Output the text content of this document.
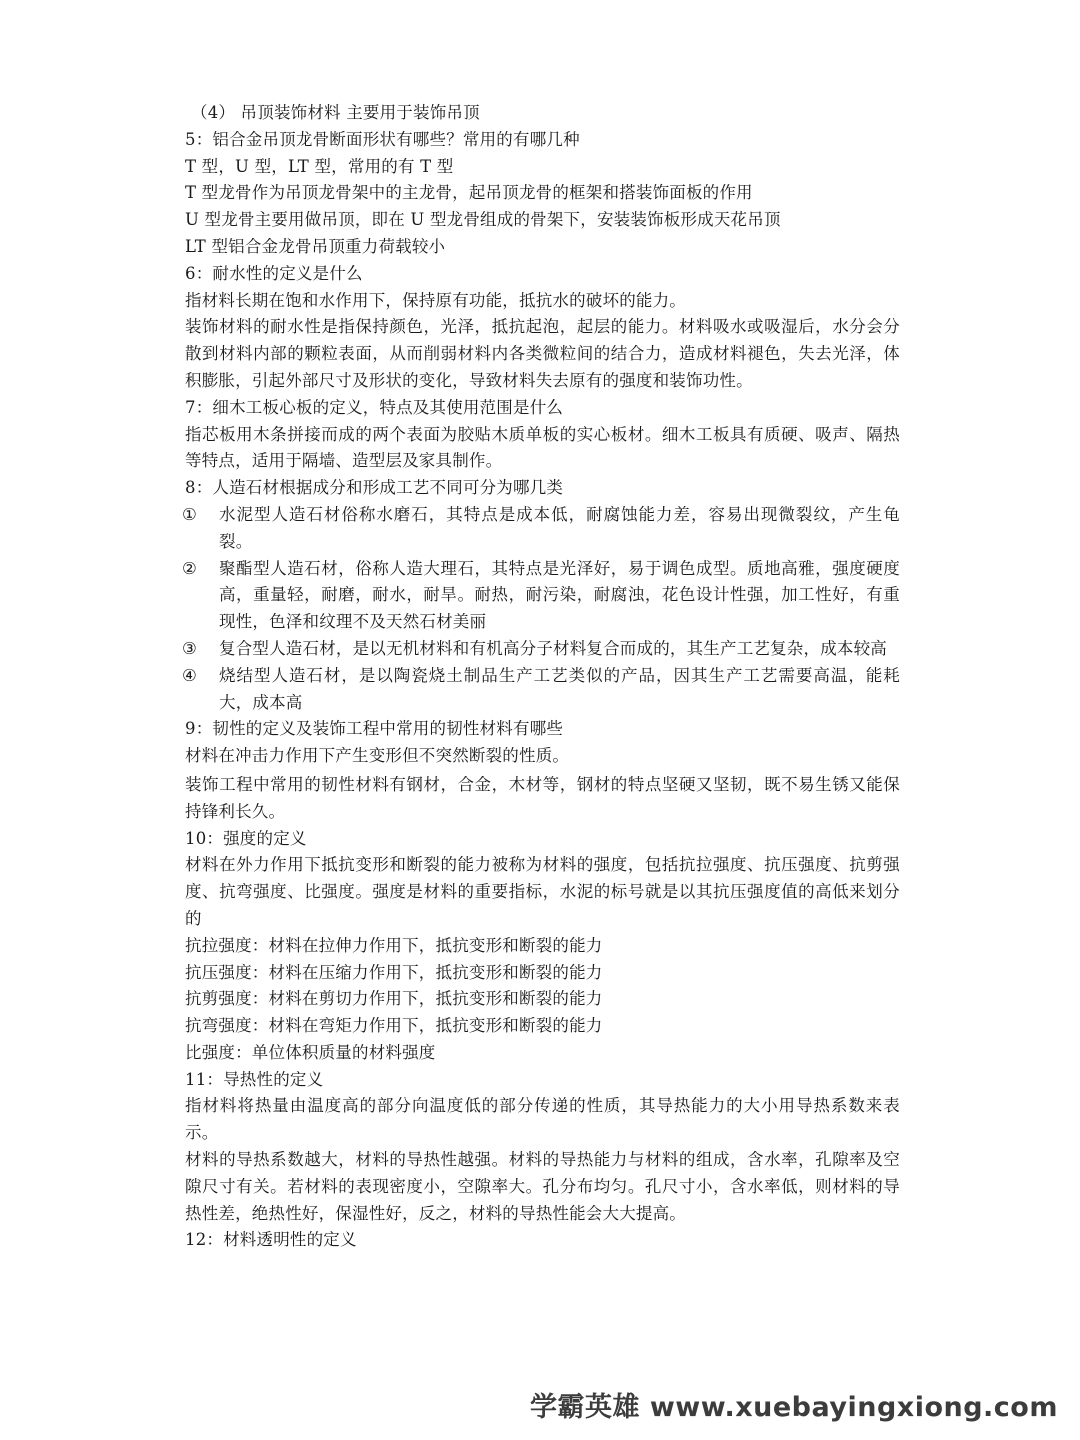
（4） 吊顶装饰材料 主要用于装饰吊顶
5：铝合金吊顶龙骨断面形状有哪些？常用的有哪几种
T 型，U 型，LT 型，常用的有 T 型
T 型龙骨作为吊顶龙骨架中的主龙骨，起吊顶龙骨的框架和搭装饰面板的作用
U 型龙骨主要用做吊顶，即在 U 型龙骨组成的骨架下，安装装饰板形成天花吊顶
LT 型铝合金龙骨吊顶重力荷载较小
6：耐水性的定义是什么
指材料长期在饱和水作用下，保持原有功能，抵抗水的破坏的能力。
装饰材料的耐水性是指保持颜色，光泽，抵抗起泡，起层的能力。材料吸水或吸湿后，水分会分散到材料内部的颗粒表面，从而削弱材料内各类微粒间的结合力，造成材料褪色，失去光泽，体积膨胀，引起外部尺寸及形状的变化，导致材料失去原有的强度和装饰功性。
7：细木工板心板的定义，特点及其使用范围是什么
指芯板用木条拼接而成的两个表面为胶贴木质单板的实心板材。细木工板具有质硬、吸声、隔热等特点，适用于隔墙、造型层及家具制作。
8：人造石材根据成分和形成工艺不同可分为哪几类
①	水泥型人造石材俗称水磨石，其特点是成本低，耐腐蚀能力差，容易出现微裂纹，产生龟裂。
②	聚酯型人造石材，俗称人造大理石，其特点是光泽好，易于调色成型。质地高雅，强度硬度高，重量轻，耐磨，耐水，耐旱。耐热，耐污染，耐腐浊，花色设计性强，加工性好，有重现性，色泽和纹理不及天然石材美丽
③	复合型人造石材，是以无机材料和有机高分子材料复合而成的，其生产工艺复杂，成本较高
④	烧结型人造石材，是以陶瓷烧土制品生产工艺类似的产品，因其生产工艺需要高温，能耗大，成本高
9：韧性的定义及装饰工程中常用的韧性材料有哪些
材料在冲击力作用下产生变形但不突然断裂的性质。
装饰工程中常用的韧性材料有钢材，合金，木材等，钢材的特点坚硬又坚韧，既不易生锈又能保持锋利长久。
10：强度的定义
材料在外力作用下抵抗变形和断裂的能力被称为材料的强度，包括抗拉强度、抗压强度、抗剪强度、抗弯强度、比强度。强度是材料的重要指标，水泥的标号就是以其抗压强度值的高低来划分的
抗拉强度：材料在拉伸力作用下，抵抗变形和断裂的能力
抗压强度：材料在压缩力作用下，抵抗变形和断裂的能力
抗剪强度：材料在剪切力作用下，抵抗变形和断裂的能力
抗弯强度：材料在弯矩力作用下，抵抗变形和断裂的能力
比强度：单位体积质量的材料强度
11：导热性的定义
指材料将热量由温度高的部分向温度低的部分传递的性质，其导热能力的大小用导热系数来表示。
材料的导热系数越大，材料的导热性越强。材料的导热能力与材料的组成，含水率，孔隙率及空隙尺寸有关。若材料的表现密度小，空隙率大。孔分布均匀。孔尺寸小，含水率低，则材料的导热性差，绝热性好，保湿性好，反之，材料的导热性能会大大提高。
12：材料透明性的定义
学霸英雄 www.xuebayingxiong.com
